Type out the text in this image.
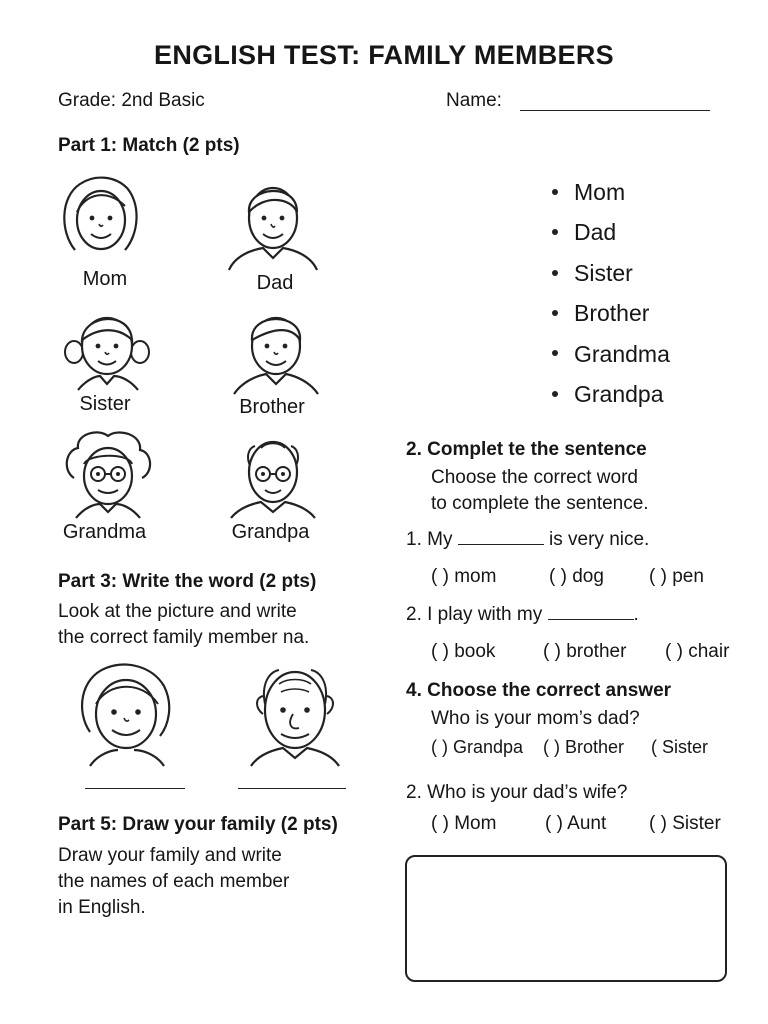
ENGLISH TEST: FAMILY MEMBERS
Grade: 2nd Basic	Name:
Part 1: Match (2 pts)
Mom	Dad
Sister	Brother
Grandma	Grandpa
Mom
Dad
Sister
Brother
Grandma
Grandpa
2. Complet te the sentence
Choose the correct word
to complete the sentence.
1. My	is very nice.
( ) mom	( ) dog ( ) pen
2. I play with my	.
( ) book	( ) brother ( ) chair
Part 3: Write the word (2 pts)
Look at the picture and write
the correct family member na.
4. Choose the correct answer
Who is your mom’s dad?
( ) Grandpa ( ) Brother ( Sister
2. Who is your dad’s wife?
( ) Mom	( ) Aunt ( ) Sister
Part 5: Draw your family (2 pts)
Draw your family and write
the names of each member
in English.
